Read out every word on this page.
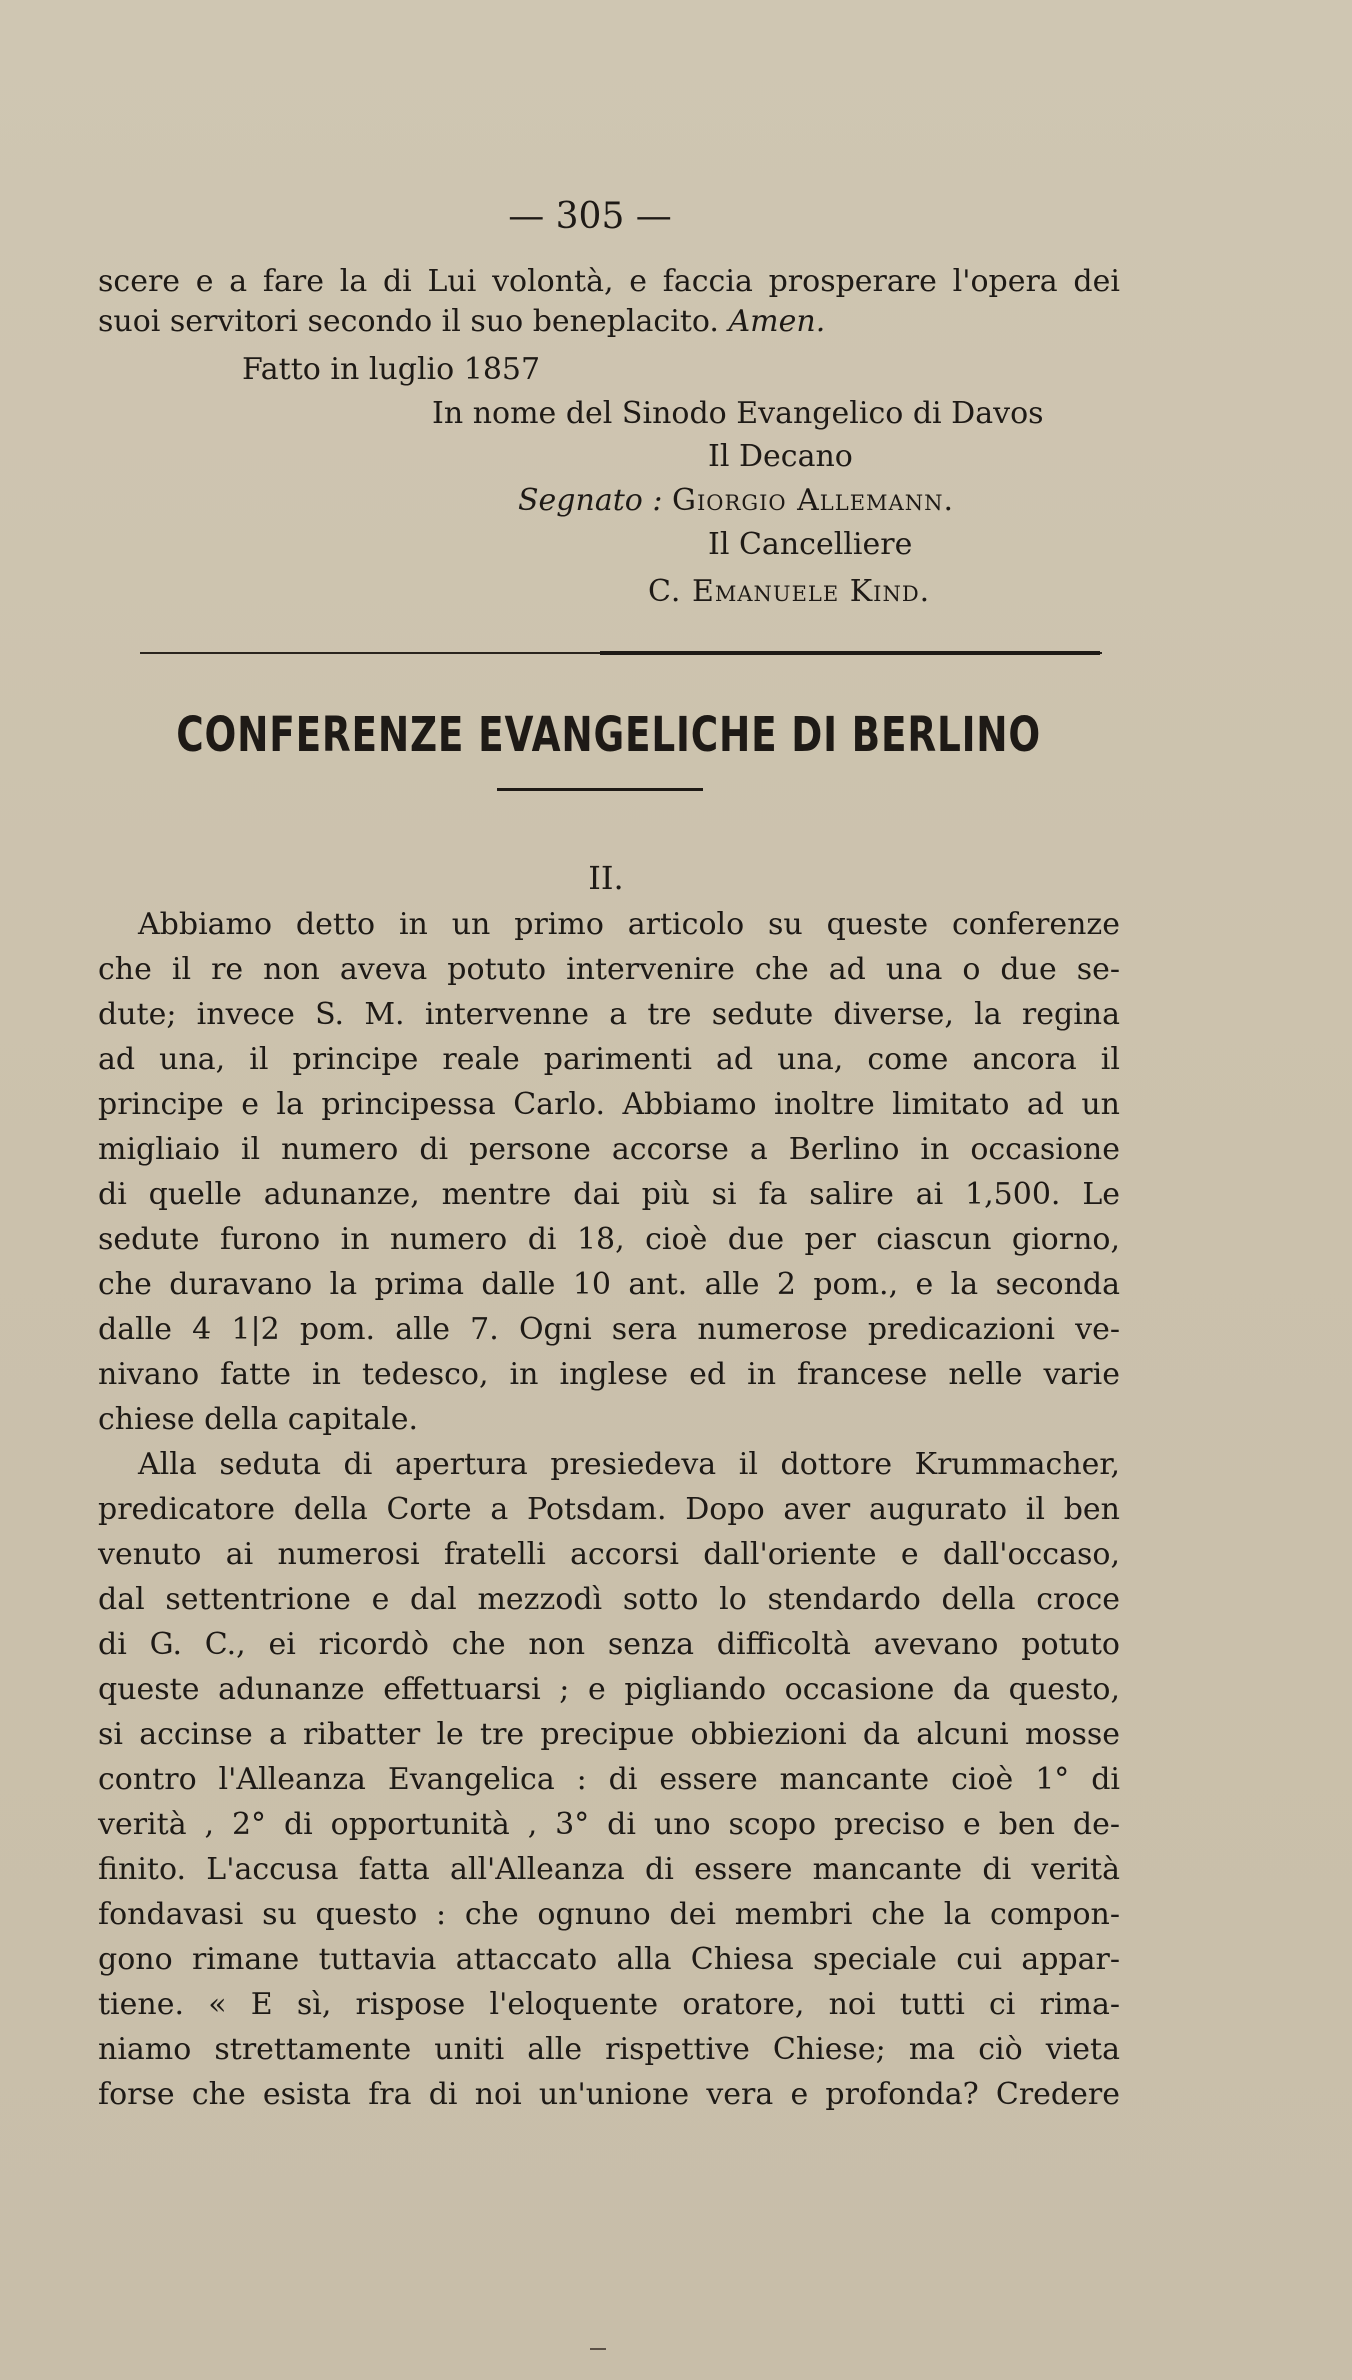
— 305 —
scere e a fare la di Lui volontà, e faccia prosperare l'opera dei
suoi servitori secondo il suo beneplacito. Amen.
Fatto in luglio 1857
In nome del Sinodo Evangelico di Davos
Il Decano
Segnato : Giorgio Allemann.
Il Cancelliere
C. Emanuele Kind.
CONFERENZE EVANGELICHE DI BERLINO
II.
Abbiamo detto in un primo articolo su queste conferenze
che il re non aveva potuto intervenire che ad una o due se-
dute; invece S. M. intervenne a tre sedute diverse, la regina
ad una, il principe reale parimenti ad una, come ancora il
principe e la principessa Carlo. Abbiamo inoltre limitato ad un
migliaio il numero di persone accorse a Berlino in occasione
di quelle adunanze, mentre dai più si fa salire ai 1,500. Le
sedute furono in numero di 18, cioè due per ciascun giorno,
che duravano la prima dalle 10 ant. alle 2 pom., e la seconda
dalle 4 1|2 pom. alle 7. Ogni sera numerose predicazioni ve-
nivano fatte in tedesco, in inglese ed in francese nelle varie
chiese della capitale.
Alla seduta di apertura presiedeva il dottore Krummacher,
predicatore della Corte a Potsdam. Dopo aver augurato il ben
venuto ai numerosi fratelli accorsi dall'oriente e dall'occaso,
dal settentrione e dal mezzodì sotto lo stendardo della croce
di G. C., ei ricordò che non senza difficoltà avevano potuto
queste adunanze effettuarsi ; e pigliando occasione da questo,
si accinse a ribatter le tre precipue obbiezioni da alcuni mosse
contro l'Alleanza Evangelica : di essere mancante cioè 1° di
verità , 2° di opportunità , 3° di uno scopo preciso e ben de-
finito. L'accusa fatta all'Alleanza di essere mancante di verità
fondavasi su questo : che ognuno dei membri che la compon-
gono rimane tuttavia attaccato alla Chiesa speciale cui appar-
tiene. « E sì, rispose l'eloquente oratore, noi tutti ci rima-
niamo strettamente uniti alle rispettive Chiese; ma ciò vieta
forse che esista fra di noi un'unione vera e profonda? Credere
